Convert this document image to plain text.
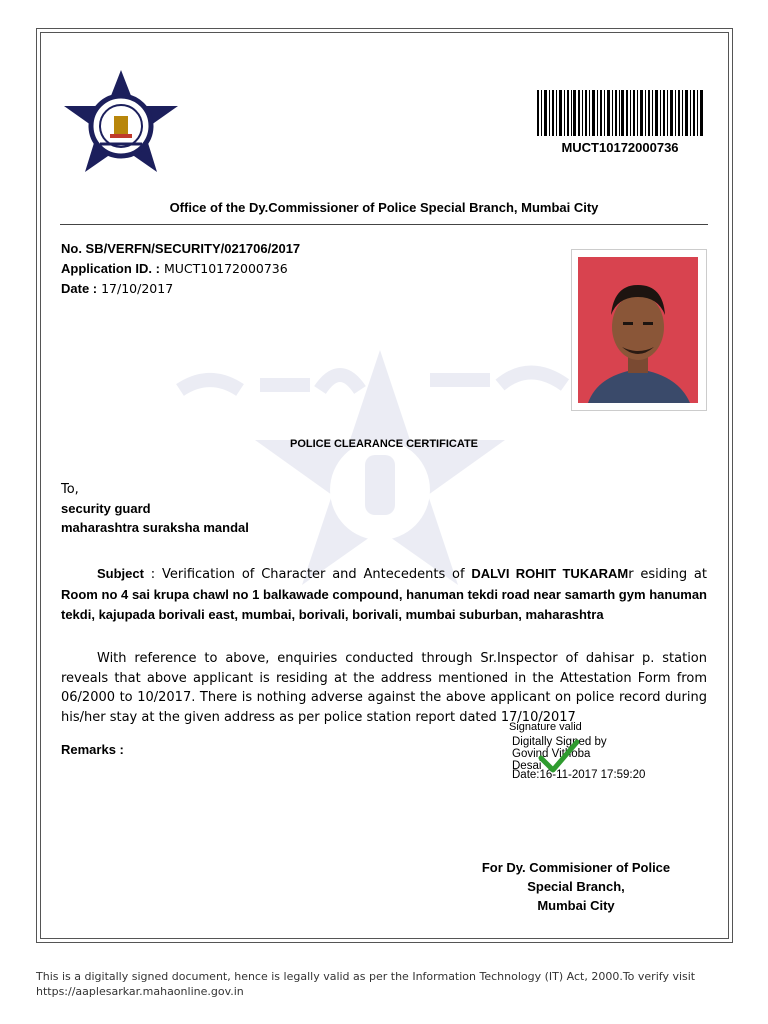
MUCT10172000736
Office of the Dy.Commissioner of Police Special Branch, Mumbai City
No. SB/VERFN/SECURITY/021706/2017
Application ID. : MUCT10172000736
Date : 17/10/2017
POLICE CLEARANCE CERTIFICATE
To,
security guard
maharashtra suraksha mandal
Subject : Verification of Character and Antecedents of DALVI ROHIT TUKARAMr esiding at Room no 4 sai krupa chawl no 1 balkawade compound, hanuman tekdi road near samarth gym hanuman tekdi, kajupada borivali east, mumbai, borivali, borivali, mumbai suburban, maharashtra
With reference to above, enquiries conducted through Sr.Inspector of dahisar p. station reveals that above applicant is residing at the address mentioned in the Attestation Form from 06/2000 to 10/2017. There is nothing adverse against the above applicant on police record during his/her stay at the given address as per police station report dated 17/10/2017
Remarks :
Signature valid
Digitally Signed by
Govind Vithoba
Desai
Date:16-11-2017 17:59:20
For Dy. Commisioner of Police
Special Branch,
Mumbai City
This is a digitally signed document, hence is legally valid as per the Information Technology (IT) Act, 2000.To verify visit https://aaplesarkar.mahaonline.gov.in
